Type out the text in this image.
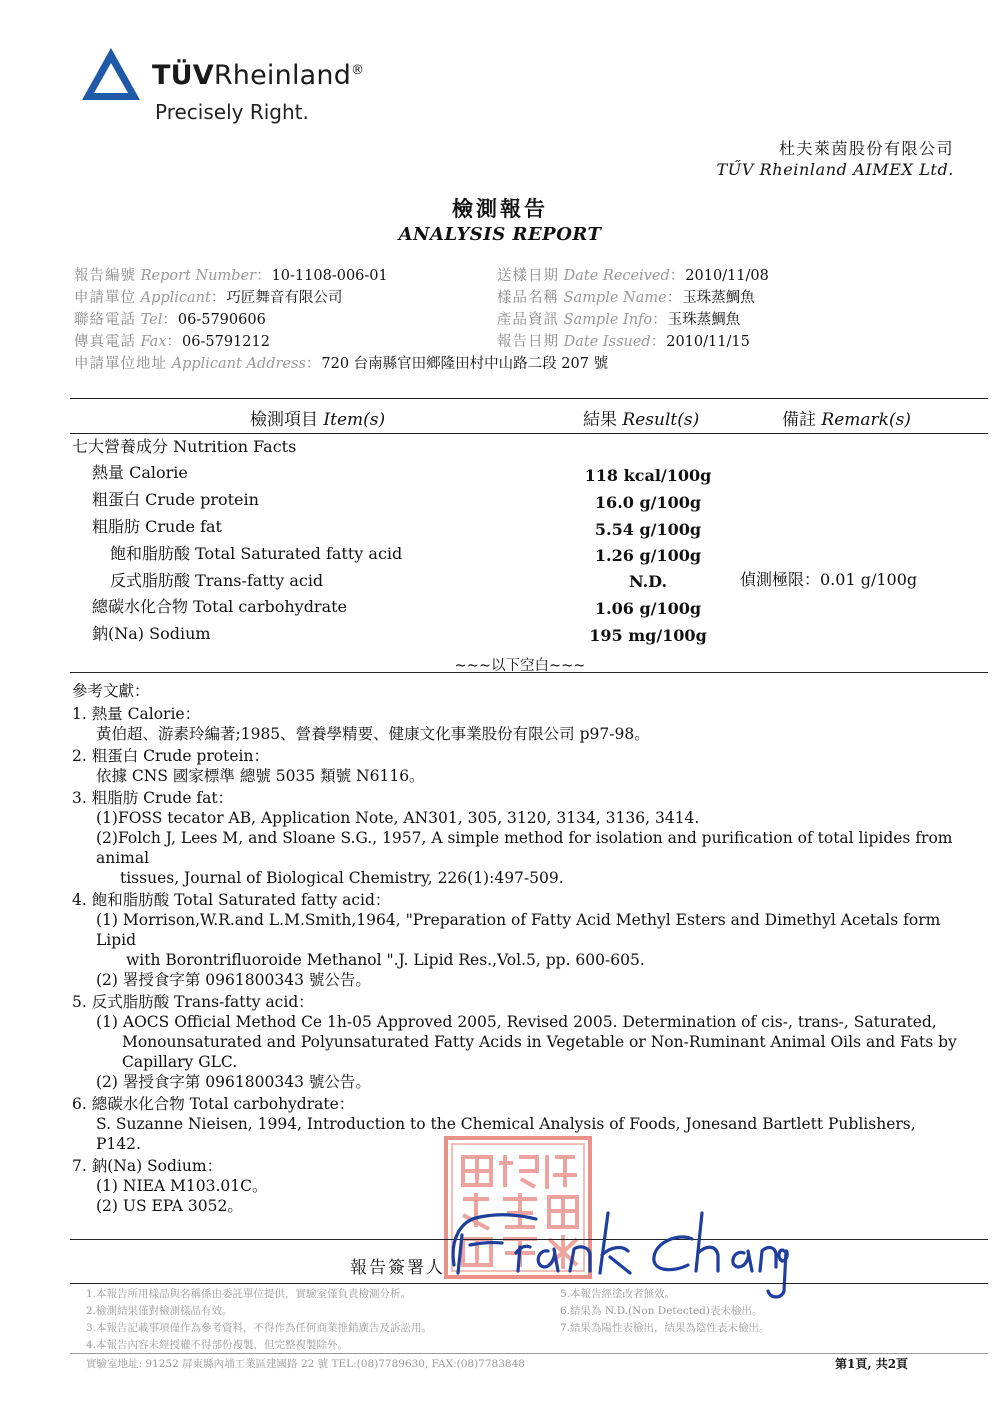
TÜVRheinland®
Precisely Right.
杜夫萊茵股份有限公司
TŰV Rheinland AIMEX Ltd.
檢測報告
ANALYSIS REPORT
報告編號 Report Number：10-1108-006-01
申請單位 Applicant：巧匠舞音有限公司
聯絡電話 Tel：06-5790606
傳真電話 Fax：06-5791212
申請單位地址 Applicant Address：720 台南縣官田鄉隆田村中山路二段 207 號
送樣日期 Date Received：2010/11/08
樣品名稱 Sample Name：玉珠蒸鯛魚
產品資訊 Sample Info：玉珠蒸鯛魚
報告日期 Date Issued：2010/11/15
檢測項目 Item(s)	結果 Result(s)	備註 Remark(s)
七大營養成分 Nutrition Facts
熱量 Calorie	118 kcal/100g
粗蛋白 Crude protein	16.0 g/100g
粗脂肪 Crude fat	5.54 g/100g
飽和脂肪酸 Total Saturated fatty acid	1.26 g/100g
反式脂肪酸 Trans-fatty acid	N.D.	偵測極限：0.01 g/100g
總碳水化合物 Total carbohydrate	1.06 g/100g
鈉(Na) Sodium	195 mg/100g
~~~以下空白~~~
參考文獻：
1. 熱量 Calorie：
黃伯超、游素玲編著;1985、營養學精要、健康文化事業股份有限公司 p97-98。
2. 粗蛋白 Crude protein：
依據 CNS 國家標準 總號 5035 類號 N6116。
3. 粗脂肪 Crude fat：
(1)FOSS tecator AB, Application Note, AN301, 305, 3120, 3134, 3136, 3414.
(2)Folch J, Lees M, and Sloane S.G., 1957, A simple method for isolation and purification of total lipides from animal
tissues, Journal of Biological Chemistry, 226(1):497-509.
4. 飽和脂肪酸 Total Saturated fatty acid：
(1) Morrison,W.R.and L.M.Smith,1964, "Preparation of Fatty Acid Methyl Esters and Dimethyl Acetals form Lipid
with Borontrifluoroide Methanol ".J. Lipid Res.,Vol.5, pp. 600-605.
(2) 署授食字第 0961800343 號公告。
5. 反式脂肪酸 Trans-fatty acid：
(1) AOCS Official Method Ce 1h-05 Approved 2005, Revised 2005. Determination of cis-, trans-, Saturated,
Monounsaturated and Polyunsaturated Fatty Acids in Vegetable or Non-Ruminant Animal Oils and Fats by
Capillary GLC.
(2) 署授食字第 0961800343 號公告。
6. 總碳水化合物 Total carbohydrate：
S. Suzanne Nieisen, 1994, Introduction to the Chemical Analysis of Foods, Jonesand Bartlett Publishers, P142.
7. 鈉(Na) Sodium：
(1) NIEA M103.01C。
(2) US EPA 3052。
報告簽署人
1.本報告所用樣品與名稱係由委託單位提供，實驗室僅負責檢測分析。
2.檢測結果僅對檢測樣品有效。
3.本報告記載事項僅作為參考資料，不得作為任何商業推銷廣告及訴訟用。
4.本報告內容未經授權不得部份複製，但完整複製除外。
5.本報告經塗改者無效。
6.結果為 N.D.(Non Detected)表未檢出。
7.結果為陽性表檢出，結果為陰性表未檢出。
實驗室地址: 91252 屏東縣內埔工業區建國路 22 號 TEL:(08)7789630, FAX:(08)7783848	第1頁, 共2頁
